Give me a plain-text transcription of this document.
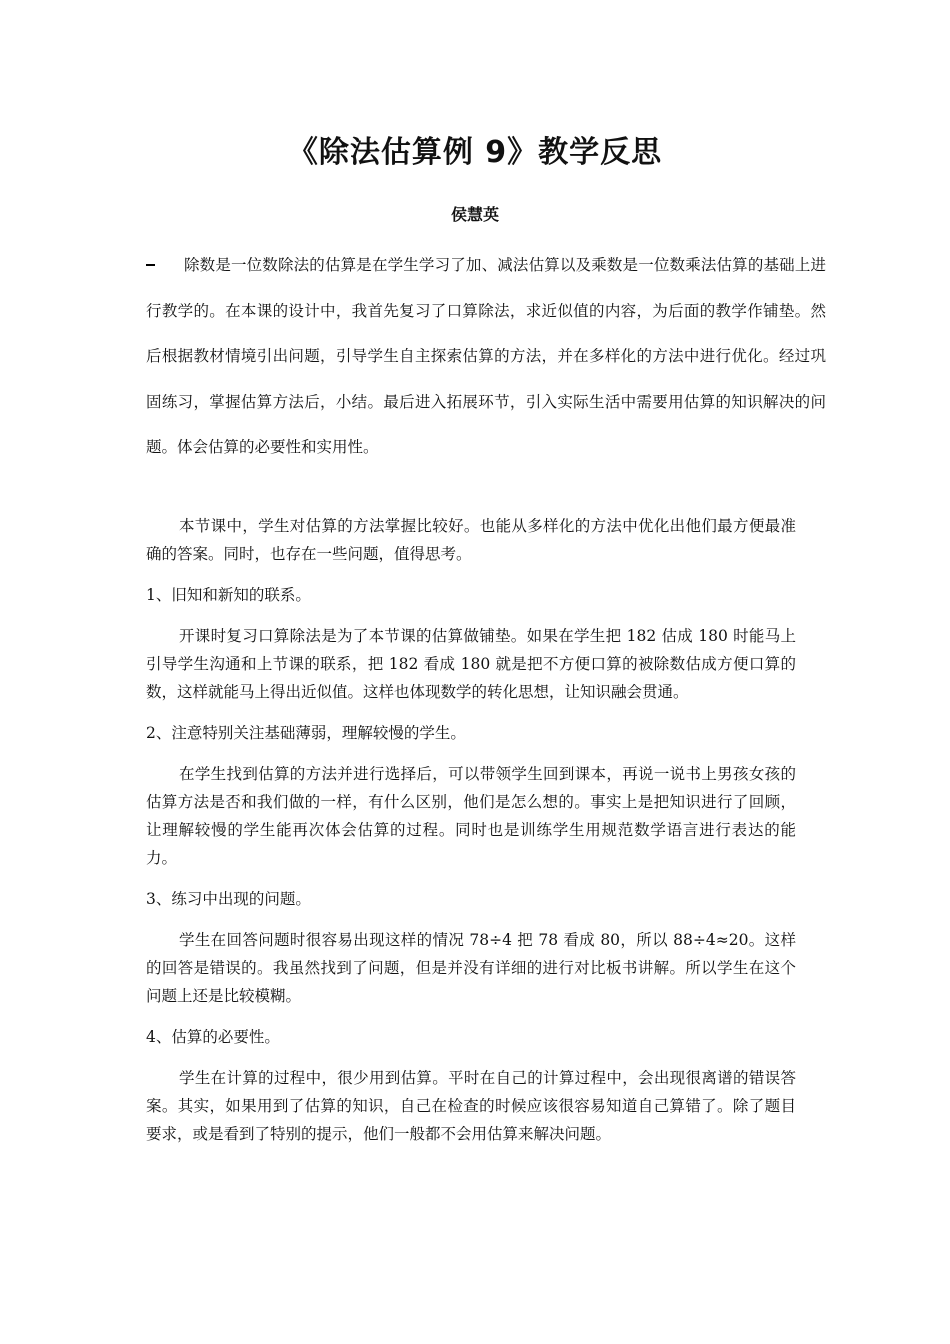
《除法估算例 9》教学反思
侯慧英

除数是一位数除法的估算是在学生学习了加、减法估算以及乘数是一位数乘法估算的基础上进行教学的。在本课的设计中，我首先复习了口算除法，求近似值的内容，为后面的教学作铺垫。然后根据教材情境引出问题，引导学生自主探索估算的方法，并在多样化的方法中进行优化。经过巩固练习，掌握估算方法后，小结。最后进入拓展环节，引入实际生活中需要用估算的知识解决的问题。体会估算的必要性和实用性。

本节课中，学生对估算的方法掌握比较好。也能从多样化的方法中优化出他们最方便最准确的答案。同时，也存在一些问题，值得思考。

1、旧知和新知的联系。

开课时复习口算除法是为了本节课的估算做铺垫。如果在学生把 182 估成 180 时能马上引导学生沟通和上节课的联系，把 182 看成 180 就是把不方便口算的被除数估成方便口算的数，这样就能马上得出近似值。这样也体现数学的转化思想，让知识融会贯通。

2、注意特别关注基础薄弱，理解较慢的学生。

在学生找到估算的方法并进行选择后，可以带领学生回到课本，再说一说书上男孩女孩的估算方法是否和我们做的一样，有什么区别，他们是怎么想的。事实上是把知识进行了回顾，让理解较慢的学生能再次体会估算的过程。同时也是训练学生用规范数学语言进行表达的能力。

3、练习中出现的问题。

学生在回答问题时很容易出现这样的情况 78÷4 把 78 看成 80，所以 88÷4≈20。这样的回答是错误的。我虽然找到了问题，但是并没有详细的进行对比板书讲解。所以学生在这个问题上还是比较模糊。

4、估算的必要性。

学生在计算的过程中，很少用到估算。平时在自己的计算过程中，会出现很离谱的错误答案。其实，如果用到了估算的知识，自己在检查的时候应该很容易知道自己算错了。除了题目要求，或是看到了特别的提示，他们一般都不会用估算来解决问题。
